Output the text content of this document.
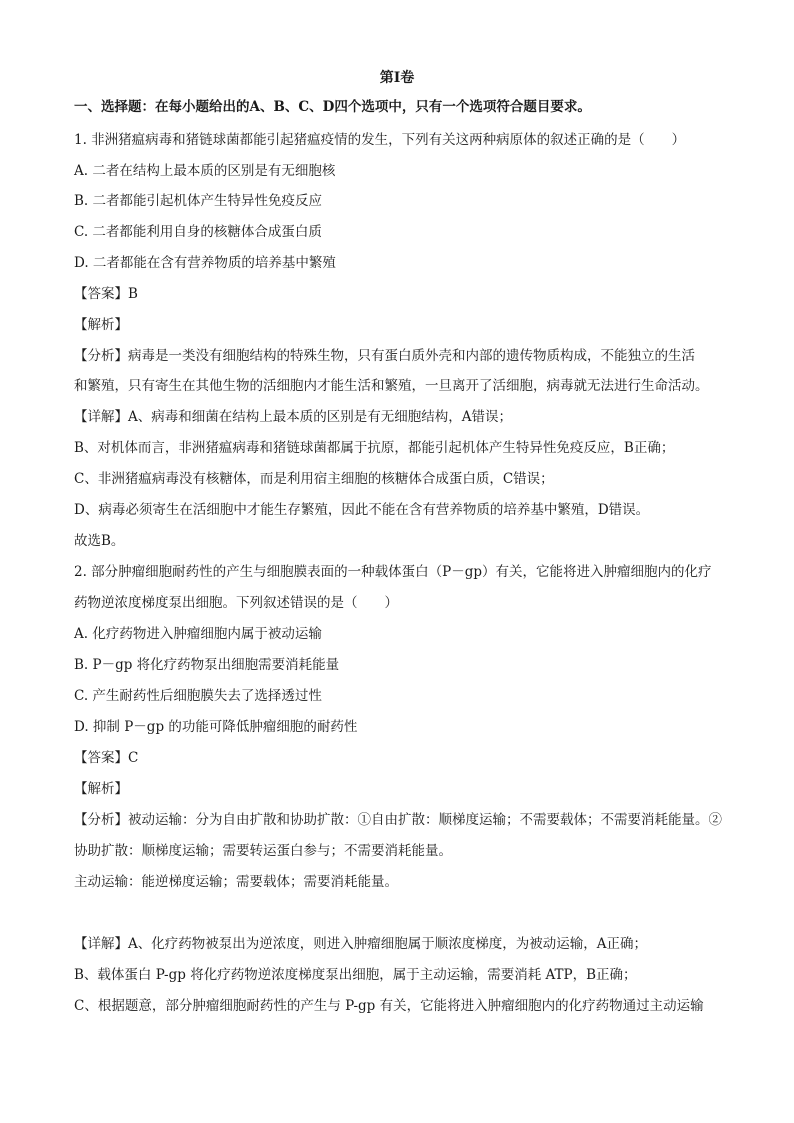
第Ⅰ卷
一、选择题：在每小题给出的A、B、C、D四个选项中，只有一个选项符合题目要求。
1. 非洲猪瘟病毒和猪链球菌都能引起猪瘟疫情的发生，下列有关这两种病原体的叙述正确的是（　　）
A. 二者在结构上最本质的区别是有无细胞核
B. 二者都能引起机体产生特异性免疫反应
C. 二者都能利用自身的核糖体合成蛋白质
D. 二者都能在含有营养物质的培养基中繁殖
【答案】B
【解析】
【分析】病毒是一类没有细胞结构的特殊生物，只有蛋白质外壳和内部的遗传物质构成，不能独立的生活
和繁殖，只有寄生在其他生物的活细胞内才能生活和繁殖，一旦离开了活细胞，病毒就无法进行生命活动。
【详解】A、病毒和细菌在结构上最本质的区别是有无细胞结构，A错误；
B、对机体而言，非洲猪瘟病毒和猪链球菌都属于抗原，都能引起机体产生特异性免疫反应，B正确；
C、非洲猪瘟病毒没有核糖体，而是利用宿主细胞的核糖体合成蛋白质，C错误；
D、病毒必须寄生在活细胞中才能生存繁殖，因此不能在含有营养物质的培养基中繁殖，D错误。
故选B。
2. 部分肿瘤细胞耐药性的产生与细胞膜表面的一种载体蛋白（P－gp）有关，它能将进入肿瘤细胞内的化疗
药物逆浓度梯度泵出细胞。下列叙述错误的是（　　）
A. 化疗药物进入肿瘤细胞内属于被动运输
B. P－gp 将化疗药物泵出细胞需要消耗能量
C. 产生耐药性后细胞膜失去了选择透过性
D. 抑制 P－gp 的功能可降低肿瘤细胞的耐药性
【答案】C
【解析】
【分析】被动运输：分为自由扩散和协助扩散：①自由扩散：顺梯度运输；不需要载体；不需要消耗能量。②
协助扩散：顺梯度运输；需要转运蛋白参与；不需要消耗能量。
主动运输：能逆梯度运输；需要载体；需要消耗能量。
【详解】A、化疗药物被泵出为逆浓度，则进入肿瘤细胞属于顺浓度梯度，为被动运输，A正确；
B、载体蛋白 P-gp 将化疗药物逆浓度梯度泵出细胞，属于主动运输，需要消耗 ATP，B正确；
C、根据题意，部分肿瘤细胞耐药性的产生与 P-gp 有关，它能将进入肿瘤细胞内的化疗药物通过主动运输
